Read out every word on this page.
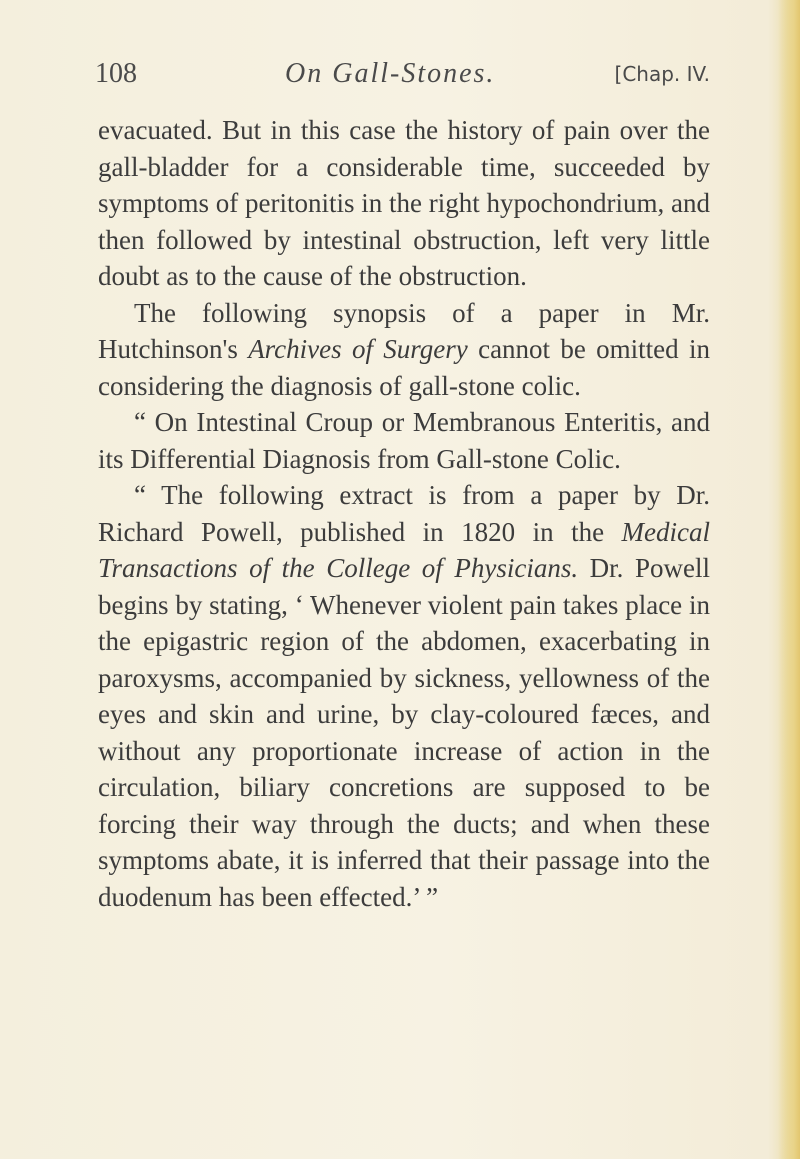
108	On Gall-Stones.	[Chap. IV.

evacuated. But in this case the history of pain over the gall-bladder for a considerable time, succeeded by symptoms of peritonitis in the right hypochondrium, and then followed by intestinal obstruction, left very little doubt as to the cause of the obstruction.

The following synopsis of a paper in Mr. Hutchinson's Archives of Surgery cannot be omitted in considering the diagnosis of gall-stone colic.

“ On Intestinal Croup or Membranous Enteritis, and its Differential Diagnosis from Gall-stone Colic.

“ The following extract is from a paper by Dr. Richard Powell, published in 1820 in the Medical Transactions of the College of Physicians. Dr. Powell begins by stating, ‘ Whenever violent pain takes place in the epigastric region of the abdomen, exacerbating in paroxysms, accompanied by sickness, yellowness of the eyes and skin and urine, by clay-coloured fæces, and without any proportionate increase of action in the circulation, biliary concretions are supposed to be forcing their way through the ducts; and when these symptoms abate, it is inferred that their passage into the duodenum has been effected.’ ”
